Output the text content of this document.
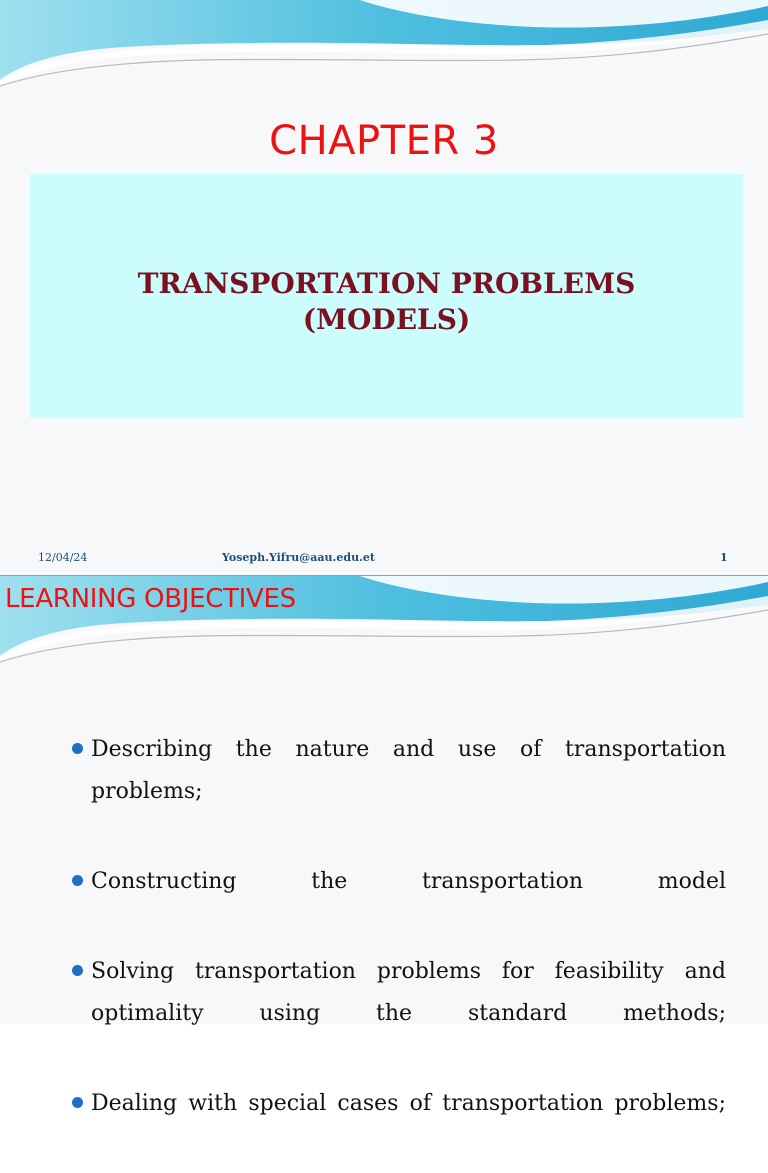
CHAPTER 3
TRANSPORTATION PROBLEMS
(MODELS)
12/04/24	Yoseph.Yifru@aau.edu.et	1
LEARNING OBJECTIVES
Describing the nature and use of transportation problems;
Constructing the transportation model
Solving transportation problems for feasibility and optimality using the standard methods;
Dealing with special cases of transportation problems;
